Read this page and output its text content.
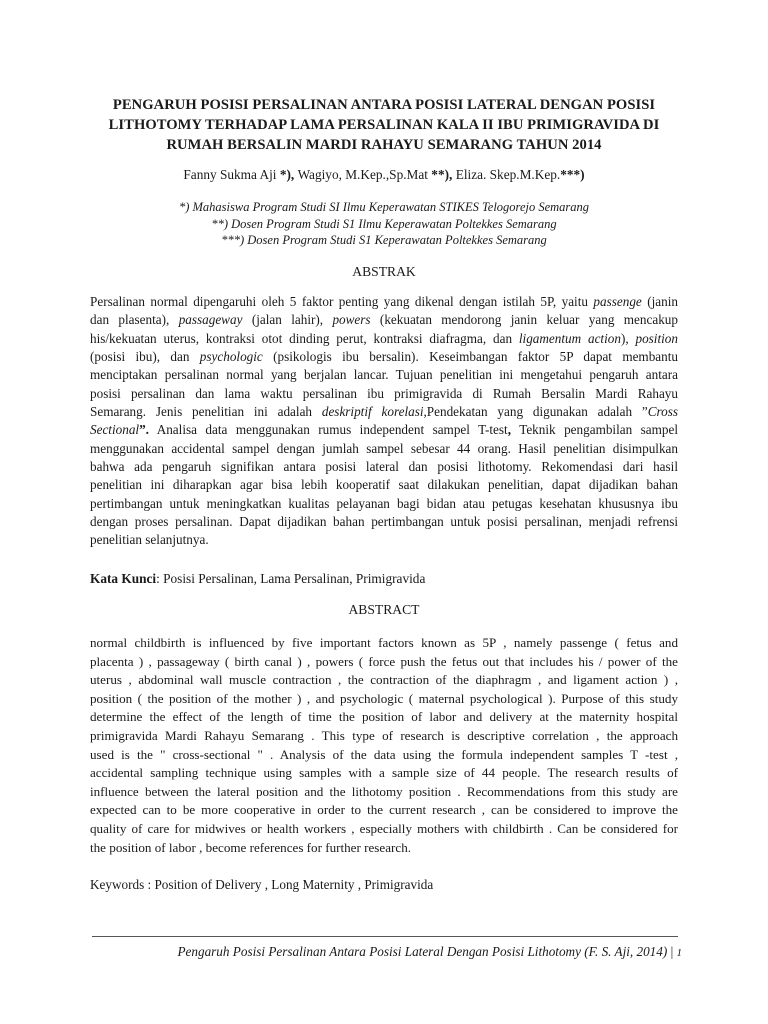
PENGARUH POSISI PERSALINAN ANTARA POSISI LATERAL DENGAN POSISI
LITHOTOMY TERHADAP LAMA PERSALINAN KALA II IBU PRIMIGRAVIDA DI
RUMAH BERSALIN MARDI RAHAYU SEMARANG TAHUN 2014
Fanny Sukma Aji *), Wagiyo, M.Kep.,Sp.Mat **), Eliza. Skep.M.Kep.***)
*) Mahasiswa Program Studi SI Ilmu Keperawatan STIKES Telogorejo Semarang
**) Dosen Program Studi S1 Ilmu Keperawatan Poltekkes Semarang
***) Dosen Program Studi S1 Keperawatan Poltekkes Semarang
ABSTRAK
Persalinan normal dipengaruhi oleh 5 faktor penting yang dikenal dengan istilah 5P, yaitu passenge (janin
dan plasenta), passageway (jalan lahir), powers (kekuatan mendorong janin keluar yang mencakup
his/kekuatan uterus, kontraksi otot dinding perut, kontraksi diafragma, dan ligamentum action), position
(posisi ibu), dan psychologic (psikologis ibu bersalin). Keseimbangan faktor 5P dapat membantu
menciptakan persalinan normal yang berjalan lancar. Tujuan penelitian ini mengetahui pengaruh antara
posisi persalinan dan lama waktu persalinan ibu primigravida di Rumah Bersalin Mardi Rahayu
Semarang. Jenis penelitian ini adalah deskriptif korelasi,Pendekatan yang digunakan adalah ”Cross
Sectional”. Analisa data menggunakan rumus independent sampel T-test, Teknik pengambilan sampel
menggunakan accidental sampel dengan jumlah sampel sebesar 44 orang. Hasil penelitian disimpulkan
bahwa ada pengaruh signifikan antara posisi lateral dan posisi lithotomy. Rekomendasi dari hasil
penelitian ini diharapkan agar bisa lebih kooperatif saat dilakukan penelitian, dapat dijadikan bahan
pertimbangan untuk meningkatkan kualitas pelayanan bagi bidan atau petugas kesehatan khususnya ibu
dengan proses persalinan. Dapat dijadikan bahan pertimbangan untuk posisi persalinan, menjadi refrensi
penelitian selanjutnya.
Kata Kunci: Posisi Persalinan, Lama Persalinan, Primigravida
ABSTRACT
normal childbirth is influenced by five important factors known as 5P , namely passenge ( fetus and
placenta ) , passageway ( birth canal ) , powers ( force push the fetus out that includes his / power of the
uterus , abdominal wall muscle contraction , the contraction of the diaphragm , and ligament action ) ,
position ( the position of the mother ) , and psychologic ( maternal psychological ). Purpose of this study
determine the effect of the length of time the position of labor and delivery at the maternity hospital
primigravida Mardi Rahayu Semarang . This type of research is descriptive correlation , the approach
used is the " cross-sectional " . Analysis of the data using the formula independent samples T -test ,
accidental sampling technique using samples with a sample size of 44 people. The research results of
influence between the lateral position and the lithotomy position . Recommendations from this study are
expected can to be more cooperative in order to the current research , can be considered to improve the
quality of care for midwives or health workers , especially mothers with childbirth . Can be considered for
the position of labor , become references for further research.
Keywords : Position of Delivery , Long Maternity , Primigravida
Pengaruh Posisi Persalinan Antara Posisi Lateral Dengan Posisi Lithotomy (F. S. Aji, 2014) | 1
